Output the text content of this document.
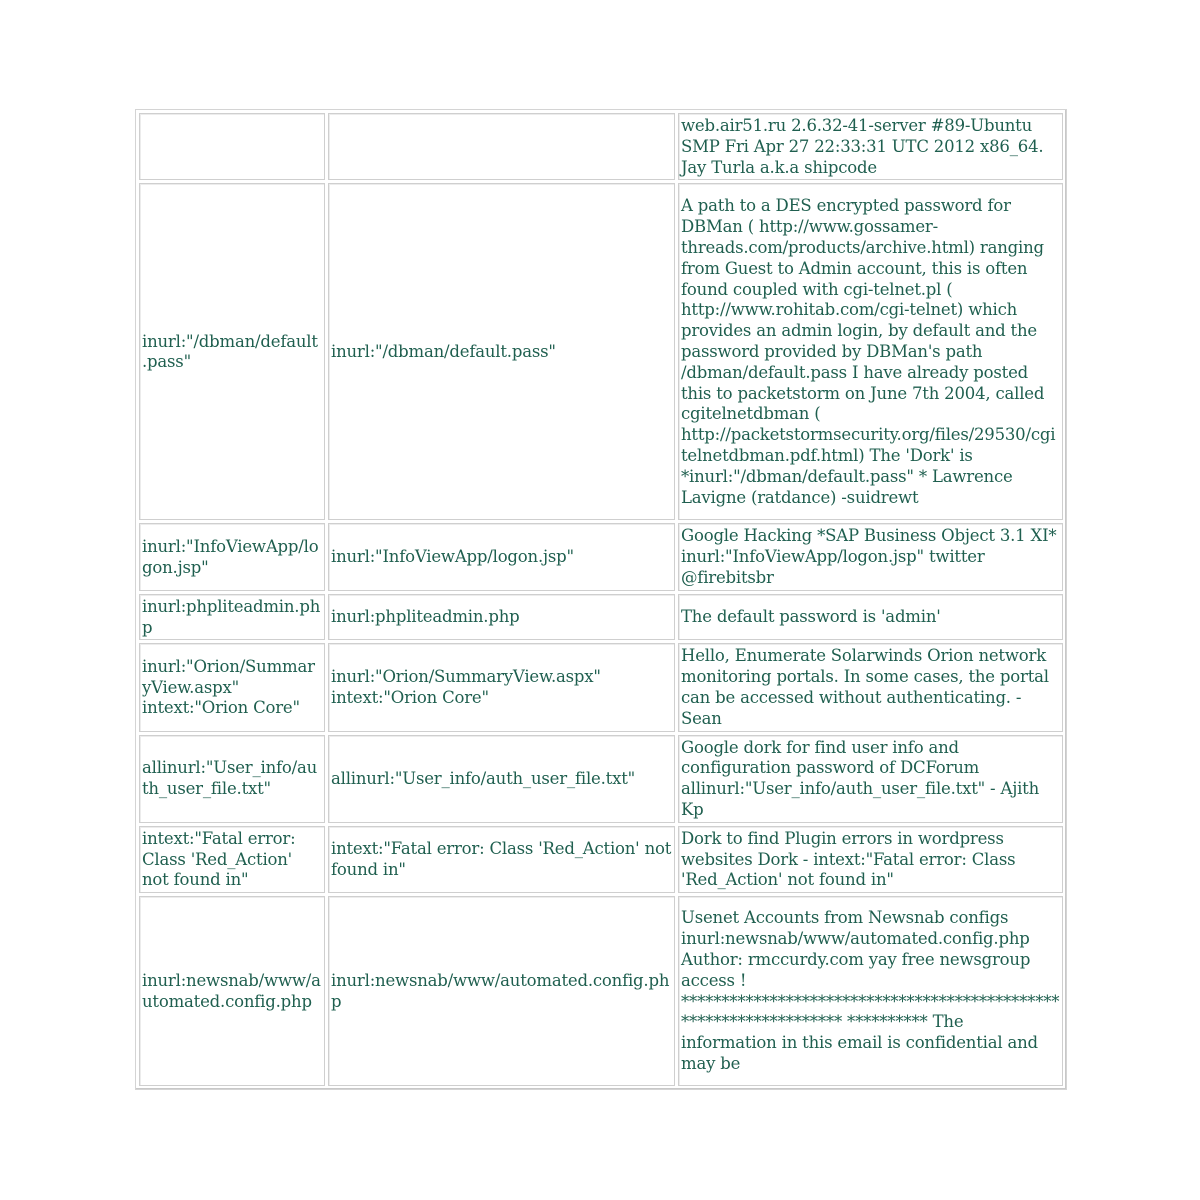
		web.air51.ru 2.6.32-41-server #89-Ubuntu SMP Fri Apr 27 22:33:31 UTC 2012 x86_64. Jay Turla a.k.a shipcode
inurl:"/dbman/default.pass"	inurl:"/dbman/default.pass"	A path to a DES encrypted password for DBMan ( http://www.gossamer-threads.com/products/archive.html) ranging from Guest to Admin account, this is often found coupled with cgi-telnet.pl ( http://www.rohitab.com/cgi-telnet) which provides an admin login, by default and the password provided by DBMan's path /dbman/default.pass I have already posted this to packetstorm on June 7th 2004, called cgitelnetdbman ( http://packetstormsecurity.org/files/29530/cgitelnetdbman.pdf.html) The 'Dork' is *inurl:"/dbman/default.pass" * Lawrence Lavigne (ratdance) -suidrewt
inurl:"InfoViewApp/logon.jsp"	inurl:"InfoViewApp/logon.jsp"	Google Hacking *SAP Business Object 3.1 XI* inurl:"InfoViewApp/logon.jsp" twitter @firebitsbr
inurl:phpliteadmin.php	inurl:phpliteadmin.php	The default password is 'admin'
inurl:"Orion/SummaryView.aspx" intext:"Orion Core"	inurl:"Orion/SummaryView.aspx" intext:"Orion Core"	Hello, Enumerate Solarwinds Orion network monitoring portals. In some cases, the portal can be accessed without authenticating. -Sean
allinurl:"User_info/auth_user_file.txt"	allinurl:"User_info/auth_user_file.txt"	Google dork for find user info and configuration password of DCForum allinurl:"User_info/auth_user_file.txt" - Ajith Kp
intext:"Fatal error: Class 'Red_Action' not found in"	intext:"Fatal error: Class 'Red_Action' not found in"	Dork to find Plugin errors in wordpress websites Dork - intext:"Fatal error: Class 'Red_Action' not found in"
inurl:newsnab/www/automated.config.php	inurl:newsnab/www/automated.config.php	Usenet Accounts from Newsnab configs inurl:newsnab/www/automated.config.php Author: rmccurdy.com yay free newsgroup access ! ******************************************************************* ********** The information in this email is confidential and may be
